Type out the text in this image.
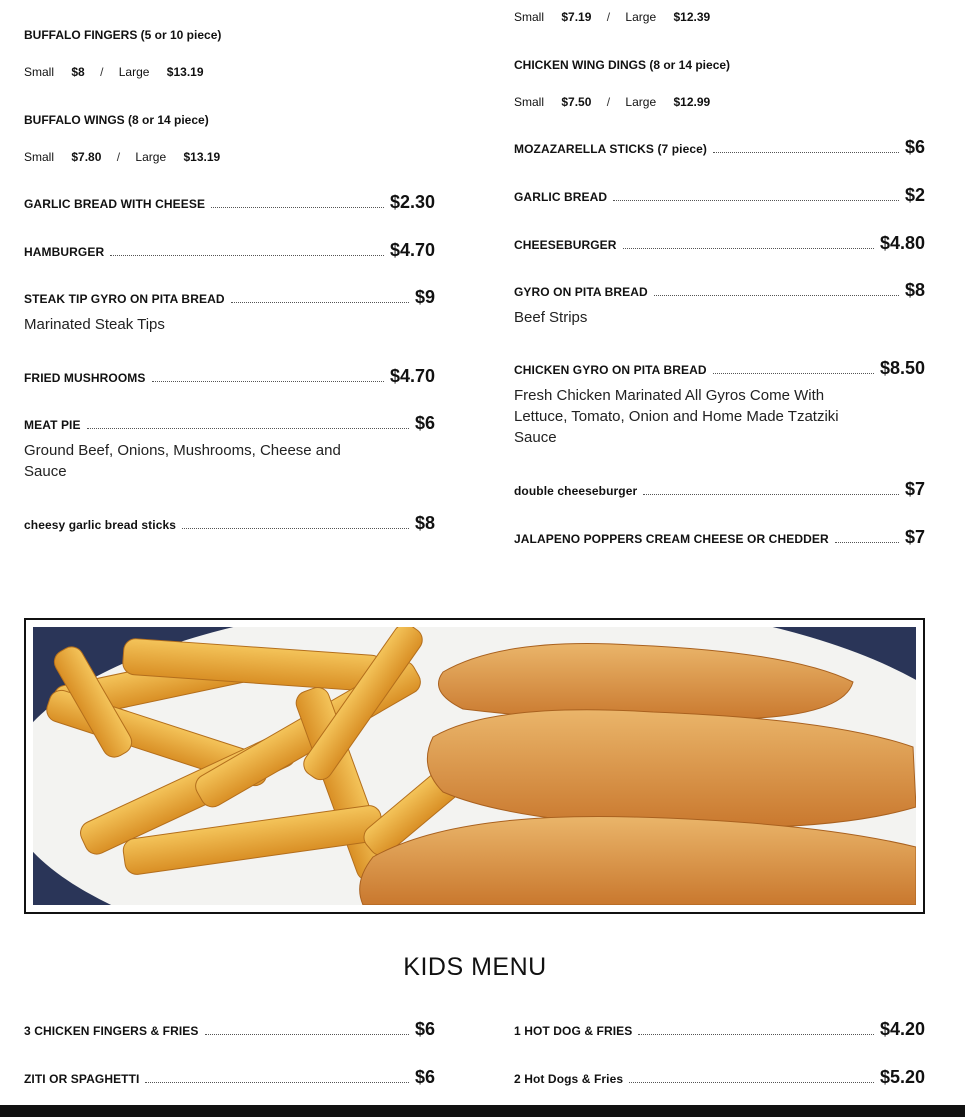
BUFFALO FINGERS (5 or 10 piece)
Small $8 / Large $13.19
BUFFALO WINGS (8 or 14 piece)
Small $7.80 / Large $13.19
GARLIC BREAD WITH CHEESE	$2.30
HAMBURGER	$4.70
STEAK TIP GYRO ON PITA BREAD	$9
Marinated Steak Tips
FRIED MUSHROOMS	$4.70
MEAT PIE	$6
Ground Beef, Onions, Mushrooms, Cheese and Sauce
cheesy garlic bread sticks	$8
Small $7.19 / Large $12.39
CHICKEN WING DINGS (8 or 14 piece)
Small $7.50 / Large $12.99
MOZAZARELLA STICKS (7 piece)	$6
GARLIC BREAD	$2
CHEESEBURGER	$4.80
GYRO ON PITA BREAD	$8
Beef Strips
CHICKEN GYRO ON PITA BREAD	$8.50
Fresh Chicken Marinated All Gyros Come With Lettuce, Tomato, Onion and Home Made Tzatziki Sauce
double cheeseburger	$7
JALAPENO POPPERS CREAM CHEESE OR CHEDDER	$7
KIDS MENU
3 CHICKEN FINGERS & FRIES	$6	1 HOT DOG & FRIES	$4.20
ZITI OR SPAGHETTI	$6	2 Hot Dogs & Fries	$5.20
